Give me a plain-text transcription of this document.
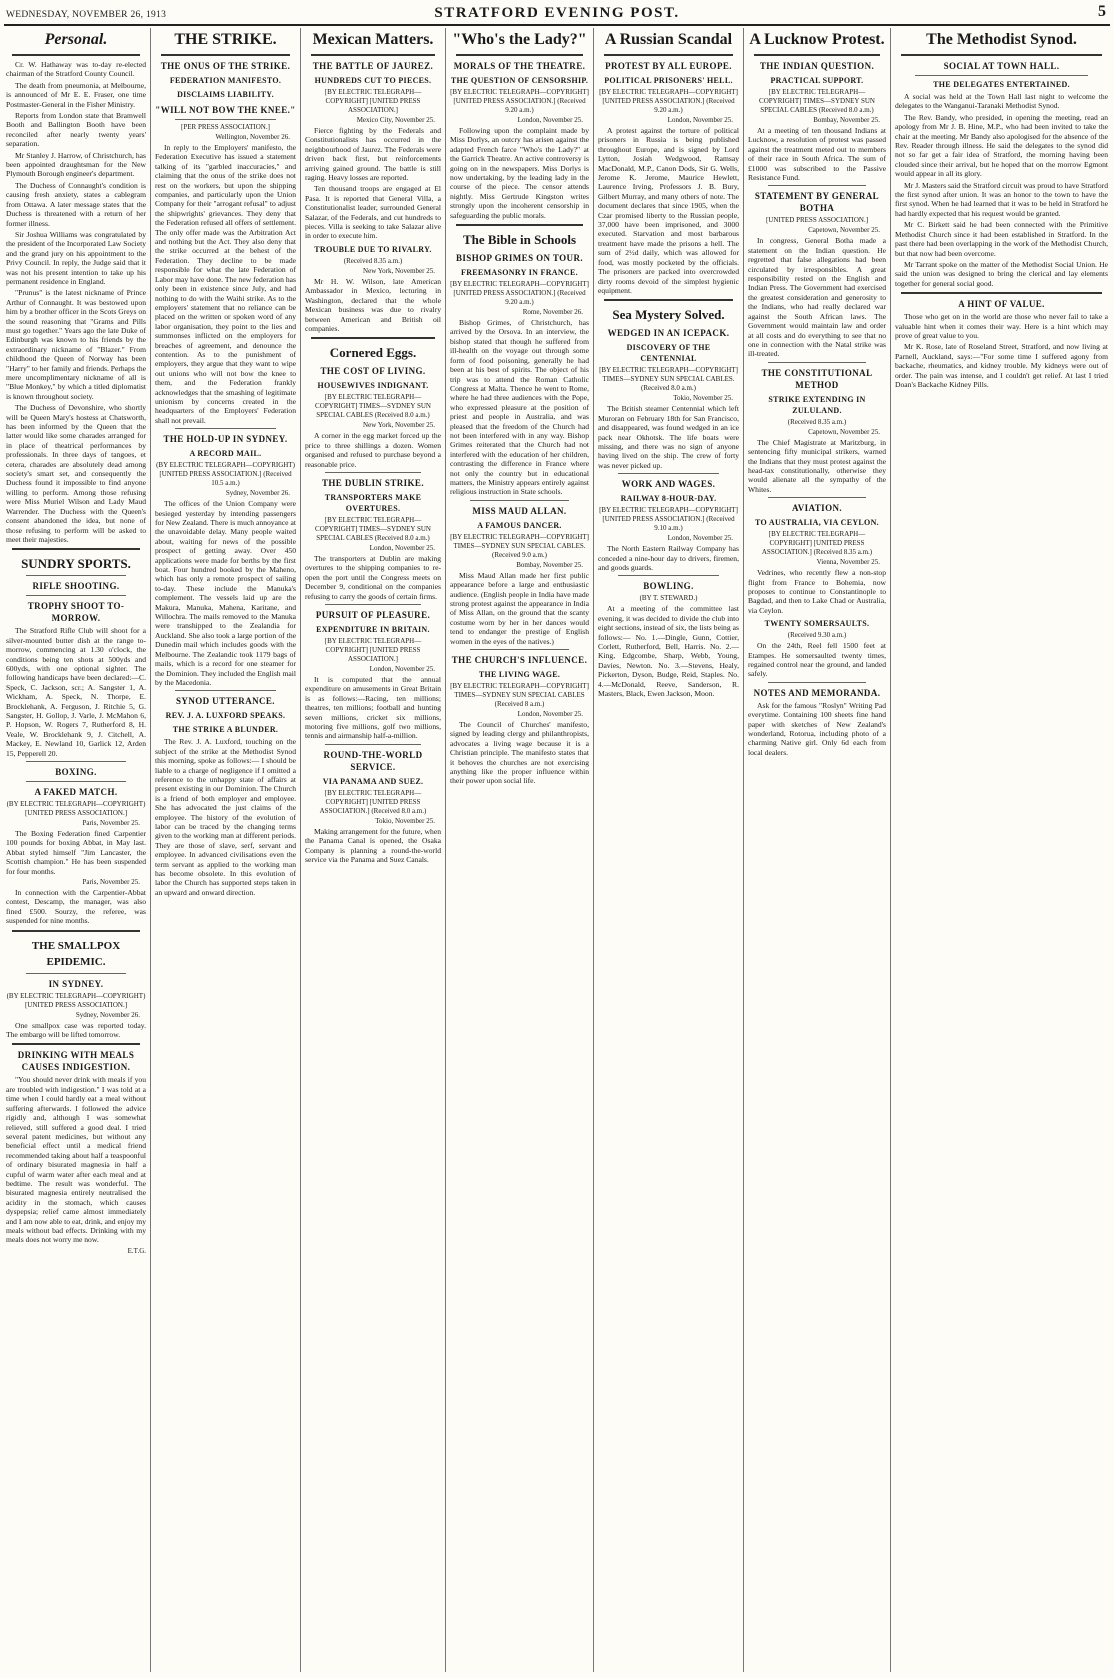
WEDNESDAY, NOVEMBER 26, 1913	STRATFORD EVENING POST.	5
Personal.

Cr. W. Hathaway was to-day re-elected chairman of the Stratford County Council.

The death from pneumonia, at Melbourne, is announced of Mr E. E. Fraser, one time Postmaster-General in the Fisher Ministry.

Reports from London state that Bramwell Booth and Ballington Booth have been reconciled after nearly twenty years' separation.

Mr Stanley J. Harrow, of Christchurch, has been appointed draughtsman for the New Plymouth Borough engineer's department.

The Duchess of Connaught's condition is causing fresh anxiety, states a cablegram from Ottawa. A later message states that the Duchess is threatened with a return of her former illness.

Sir Joshua Williams was congratulated by the president of the Incorporated Law Society and the grand jury on his appointment to the Privy Council. In reply, the Judge said that it was not his present intention to take up his permanent residence in England.

"Prunus" is the latest nickname of Prince Arthur of Connaught. It was bestowed upon him by a brother officer in the Scots Greys on the sound reasoning that "Grams and Pills must go together." Years ago the late Duke of Edinburgh was known to his friends by the extraordinary nickname of "Blazer." From childhood the Queen of Norway has been "Harry" to her family and friends. Perhaps the mere uncomplimentary nickname of all is "Blue Monkey," by which a titled diplomatist is known throughout society.

The Duchess of Devonshire, who shortly will be Queen Mary's hostess at Chatsworth, has been informed by the Queen that the latter would like some charades arranged for in place of theatrical performances by professionals. In three days of tangoes, et cetera, charades are absolutely dead among society's smart set, and consequently the Duchess found it impossible to find anyone willing to perform. Among those refusing were Miss Muriel Wilson and Lady Maud Warrender. The Duchess with the Queen's consent abandoned the idea, but none of those refusing to perform will be asked to meet their majesties.

SUNDRY SPORTS.
RIFLE SHOOTING.
TROPHY SHOOT TO-MORROW.

The Stratford Rifle Club will shoot for a silver-mounted butter dish at the range to-morrow, commencing at 1.30 o'clock, the conditions being ten shots at 500yds and 600yds, with one optional sighter. The following handicaps have been declared:—C. Speck, C. Jackson, scr.; A. Sangster 1, A. Wickham, A. Speck, N. Thorpe, E. Brocklehank, A. Ferguson, J. Ritchie 5, G. Sangster, H. Gollop, J. Varle, J. McMahon 6, P. Hopson, W. Rogers 7, Rutherford 8, H. Veale, W. Brocklehank 9, J. Citchell, A. Mackey, E. Newland 10, Garlick 12, Arden 15, Pepperell 20.

BOXING.
A FAKED MATCH.
(BY ELECTRIC TELEGRAPH—COPYRIGHT) [UNITED PRESS ASSOCIATION.]
Paris, November 25.

The Boxing Federation fined Carpentier 100 pounds for boxing Abbat, in May last. Abbat styled himself "Jim Lancaster, the Scottish champion." He has been suspended for four months.

Paris, November 25.

In connection with the Carpentier-Abbat contest, Descamp, the manager, was also fined £500. Sourzy, the referee, was suspended for nine months.

THE SMALLPOX EPIDEMIC.
IN SYDNEY.
(BY ELECTRIC TELEGRAPH—COPYRIGHT) [UNITED PRESS ASSOCIATION.]
Sydney, November 26.

One smallpox case was reported today. The embargo will be lifted tomorrow.

DRINKING WITH MEALS CAUSES INDIGESTION.

"You should never drink with meals if you are troubled with indigestion." I was told at a time when I could hardly eat a meal without suffering afterwards. I followed the advice rigidly and, although I was somewhat relieved, still suffered a good deal. I tried several patent medicines, but without any beneficial effect until a medical friend recommended taking about half a teaspoonful of ordinary bisurated magnesia in half a cupful of warm water after each meal and at bedtime. The result was wonderful. The bisurated magnesia entirely neutralised the acidity in the stomach, which causes dyspepsia; relief came almost immediately and I am now able to eat, drink, and enjoy my meals without bad effects. Drinking with my meals does not worry me now.

E.T.G.
THE STRIKE.
THE ONUS OF THE STRIKE.
FEDERATION MANIFESTO.
DISCLAIMS LIABILITY.
"WILL NOT BOW THE KNEE."
[PER PRESS ASSOCIATION.]
Wellington, November 26.

In reply to the Employers' manifesto, the Federation Executive has issued a statement talking of its "garbled inaccuracies," and claiming that the onus of the strike does not rest on the workers, but upon the shipping companies, and particularly upon the Union Company for their "arrogant refusal" to adjust the shipwrights' grievances. They deny that the Federation refused all offers of settlement. The only offer made was the Arbitration Act and nothing but the Act. They also deny that the strike occurred at the behest of the Federation. They decline to be made responsible for what the late Federation of Labor may have done. The new federation has only been in existence since July, and had nothing to do with the Waihi strike. As to the employers' statement that no reliance can be placed on the written or spoken word of any labor organisation, they point to the lies and summonses inflicted on the employers for breaches of agreement, and denounce the contention. As to the punishment of employers, they argue that they want to wipe out unions who will not bow the knee to them, and the Federation frankly acknowledges that the smashing of legitimate unionism by concerns created in the headquarters of the Employers' Federation shall not prevail.

THE HOLD-UP IN SYDNEY.
A RECORD MAIL.
(BY ELECTRIC TELEGRAPH—COPYRIGHT) [UNITED PRESS ASSOCIATION.] (Received 10.5 a.m.)
Sydney, November 26.

The offices of the Union Company were besieged yesterday by intending passengers for New Zealand. There is much annoyance at the unavoidable delay. Many people waited about, waiting for news of the possible prospect of getting away. Over 450 applications were made for berths by the first boat. Four hundred booked by the Maheno, which has only a remote prospect of sailing to-day. These include the Manuka's complement. The vessels laid up are the Makura, Manuka, Mahena, Karitane, and Willochra. The mails removed to the Manuka were transhipped to the Zealandia for Auckland. She also took a large portion of the Dunedin mail which includes goods with the Melbourne. The Zealandic took 1179 bags of mails, which is a record for one steamer for the Dominion. They included the English mail by the Macedonia.

SYNOD UTTERANCE.
REV. J. A. LUXFORD SPEAKS.
THE STRIKE A BLUNDER.

The Rev. J. A. Luxford, touching on the subject of the strike at the Methodist Synod this morning, spoke as follows:— I should be liable to a charge of negligence if I omitted a reference to the unhappy state of affairs at present existing in our Dominion. The Church is a friend of both employer and employee. She has advocated the just claims of the employee. The history of the evolution of labor can be traced by the changing terms given to the working man at different periods. They are those of slave, serf, servant and employee. In advanced civilisations even the term servant as applied to the working man has become obsolete. In this evolution of labor the Church has supported steps taken in an upward and onward direction.

Mexican Matters.
THE BATTLE OF JAUREZ.
HUNDREDS CUT TO PIECES.
[BY ELECTRIC TELEGRAPH—COPYRIGHT] [UNITED PRESS ASSOCIATION.]
Mexico City, November 25.

Fierce fighting by the Federals and Constitutionalists has occurred in the neighbourhood of Jaurez. The Federals were driven back first, but reinforcements arriving gained ground. The battle is still raging. Heavy losses are reported.

Ten thousand troops are engaged at El Pasa. It is reported that General Villa, a Constitutionalist leader, surrounded General Salazar, of the Federals, and cut hundreds to pieces. Villa is seeking to take Salazar alive in order to execute him.

TROUBLE DUE TO RIVALRY.
(Received 8.35 a.m.)
New York, November 25.

Mr H. W. Wilson, late American Ambassador in Mexico, lecturing in Washington, declared that the whole Mexican business was due to rivalry between American and British oil companies.

Cornered Eggs.
THE COST OF LIVING.
HOUSEWIVES INDIGNANT.
[BY ELECTRIC TELEGRAPH—COPYRIGHT] TIMES—SYDNEY SUN SPECIAL CABLES (Received 8.0 a.m.)
New York, November 25.

A corner in the egg market forced up the price to three shillings a dozen. Women organised and refused to purchase beyond a reasonable price.

THE DUBLIN STRIKE.
TRANSPORTERS MAKE OVERTURES.
[BY ELECTRIC TELEGRAPH—COPYRIGHT] TIMES—SYDNEY SUN SPECIAL CABLES (Received 8.0 a.m.)
London, November 25.

The transporters at Dublin are making overtures to the shipping companies to re-open the port until the Congress meets on December 9, conditional on the companies refusing to carry the goods of certain firms.

PURSUIT OF PLEASURE.
EXPENDITURE IN BRITAIN.
[BY ELECTRIC TELEGRAPH—COPYRIGHT] [UNITED PRESS ASSOCIATION.]
London, November 25.

It is computed that the annual expenditure on amusements in Great Britain is as follows:—Racing, ten millions; theatres, ten millions; football and hunting seven millions, cricket six millions, motoring five millions, golf two millions, tennis and airmanship half-a-million.

ROUND-THE-WORLD SERVICE.
VIA PANAMA AND SUEZ.
[BY ELECTRIC TELEGRAPH—COPYRIGHT] [UNITED PRESS ASSOCIATION.] (Received 8.0 a.m.)
Tokio, November 25.

Making arrangement for the future, when the Panama Canal is opened, the Osaka Company is planning a round-the-world service via the Panama and Suez Canals.

"Who's the Lady?"
MORALS OF THE THEATRE.
THE QUESTION OF CENSORSHIP.
[BY ELECTRIC TELEGRAPH—COPYRIGHT] [UNITED PRESS ASSOCIATION.] (Received 9.20 a.m.)
London, November 25.

Following upon the complaint made by Miss Dorlys, an outcry has arisen against the adapted French farce "Who's the Lady?" at the Garrick Theatre. An active controversy is going on in the newspapers. Miss Dorlys is now undertaking, by the leading lady in the course of the piece. The censor attends nightly. Miss Gertrude Kingston writes strongly upon the incoherent censorship in safeguarding the public morals.

The Bible in Schools
BISHOP GRIMES ON TOUR.
FREEMASONRY IN FRANCE.
[BY ELECTRIC TELEGRAPH—COPYRIGHT] [UNITED PRESS ASSOCIATION.] (Received 9.20 a.m.)
Rome, November 26.

Bishop Grimes, of Christchurch, has arrived by the Orsova. In an interview, the bishop stated that though he suffered from ill-health on the voyage out through some form of food poisoning, generally he had been at his best of spirits. The object of his trip was to attend the Roman Catholic Congress at Malta. Thence he went to Rome, where he had three audiences with the Pope, who expressed pleasure at the position of priest and people in Australia, and was pleased that the freedom of the Church had not been interfered with in any way. Bishop Grimes reiterated that the Church had not interfered with the education of her children, contrasting the difference in France where not only the country but in educational matters, the Ministry appears entirely against religious instruction in State schools.

MISS MAUD ALLAN.
A FAMOUS DANCER.
[BY ELECTRIC TELEGRAPH—COPYRIGHT] TIMES—SYDNEY SUN SPECIAL CABLES. (Received 9.0 a.m.)
Bombay, November 25.

Miss Maud Allan made her first public appearance before a large and enthusiastic audience. (English people in India have made strong protest against the appearance in India of Miss Allan, on the ground that the scanty costume worn by her in her dances would tend to endanger the prestige of English women in the eyes of the natives.)

THE CHURCH'S INFLUENCE.
THE LIVING WAGE.
[BY ELECTRIC TELEGRAPH—COPYRIGHT] TIMES—SYDNEY SUN SPECIAL CABLES (Received 8 a.m.)
London, November 25.

The Council of Churches' manifesto, signed by leading clergy and philanthropists, advocates a living wage because it is a Christian principle. The manifesto states that it behoves the churches are not exercising anything like the proper influence within their power upon social life.

A Russian Scandal
PROTEST BY ALL EUROPE.
POLITICAL PRISONERS' HELL.
[BY ELECTRIC TELEGRAPH—COPYRIGHT] [UNITED PRESS ASSOCIATION.] (Received 9.20 a.m.)
London, November 25.

A protest against the torture of political prisoners in Russia is being published throughout Europe, and is signed by Lord Lytton, Josiah Wedgwood, Ramsay MacDonald, M.P., Canon Dods, Sir G. Wells, Jerome K. Jerome, Maurice Hewlett, Laurence Irving, Professors J. B. Bury, Gilbert Murray, and many others of note. The document declares that since 1905, when the Czar promised liberty to the Russian people, 37,000 have been imprisoned, and 3000 executed. Starvation and most barbarous treatment have made the prisons a hell. The sum of 2½d daily, which was allowed for food, was mostly pocketed by the officials. The prisoners are packed into overcrowded dirty rooms devoid of the simplest hygienic equipment.

Sea Mystery Solved.
WEDGED IN AN ICEPACK.
DISCOVERY OF THE CENTENNIAL
[BY ELECTRIC TELEGRAPH—COPYRIGHT] TIMES—SYDNEY SUN SPECIAL CABLES. (Received 8.0 a.m.)
Tokio, November 25.

The British steamer Centennial which left Muroran on February 18th for San Francisco, and disappeared, was found wedged in an ice pack near Okhotsk. The life boats were missing, and there was no sign of anyone having lived on the ship. The crew of forty was never picked up.

WORK AND WAGES.
RAILWAY 8-HOUR-DAY.
[BY ELECTRIC TELEGRAPH—COPYRIGHT] [UNITED PRESS ASSOCIATION.] (Received 9.10 a.m.)
London, November 25.

The North Eastern Railway Company has conceded a nine-hour day to drivers, firemen, and goods guards.

BOWLING.
(BY T. STEWARD.)

At a meeting of the committee last evening, it was decided to divide the club into eight sections, instead of six, the lists being as follows:— No. 1.—Dingle, Gunn, Cottier, Corlett, Rutherford, Bell, Harris. No. 2.—King, Edgcombe, Sharp, Webb, Young, Davies, Newton. No. 3.—Stevens, Healy, Pickerton, Dyson, Budge, Reid, Staples. No. 4.—McDonald, Reeve, Sanderson, R. Masters, Black, Ewen Jackson, Moon.

A Lucknow Protest.
THE INDIAN QUESTION.
PRACTICAL SUPPORT.
[BY ELECTRIC TELEGRAPH—COPYRIGHT] TIMES—SYDNEY SUN SPECIAL CABLES (Received 8.0 a.m.)
Bombay, November 25.

At a meeting of ten thousand Indians at Lucknow, a resolution of protest was passed against the treatment meted out to members of their race in South Africa. The sum of £1000 was subscribed to the Passive Resistance Fund.

STATEMENT BY GENERAL BOTHA
[UNITED PRESS ASSOCIATION.]
Capetown, November 25.

In congress, General Botha made a statement on the Indian question. He regretted that false allegations had been circulated by irresponsibles. A great responsibility rested on the English and Indian Press. The Government had exercised the greatest consideration and generosity to the Indians, who had really declared war against the South African laws. The Government would maintain law and order at all costs and do everything to see that no one in connection with the Natal strike was ill-treated.

THE CONSTITUTIONAL METHOD
STRIKE EXTENDING IN ZULULAND.
(Received 8.35 a.m.)
Capetown, November 25.

The Chief Magistrate at Maritzburg, in sentencing fifty municipal strikers, warned the Indians that they must protest against the head-tax constitutionally, otherwise they would alienate all the sympathy of the Whites.

AVIATION.
TO AUSTRALIA, VIA CEYLON.
[BY ELECTRIC TELEGRAPH—COPYRIGHT] [UNITED PRESS ASSOCIATION.] (Received 8.35 a.m.)
Vienna, November 25.

Vedrines, who recently flew a non-stop flight from France to Bohemia, now proposes to continue to Constantinople to Bagdad, and then to Lake Chad or Australia, via Ceylon.

TWENTY SOMERSAULTS.
(Received 9.30 a.m.)

On the 24th, Reel fell 1500 feet at Etampes. He somersaulted twenty times, regained control near the ground, and landed safely.

NOTES AND MEMORANDA.

Ask for the famous "Roslyn" Writing Pad everytime. Containing 100 sheets fine hand paper with sketches of New Zealand's wonderland, Rotorua, including photo of a charming Native girl. Only 6d each from local dealers.

The Methodist Synod.
SOCIAL AT TOWN HALL.
THE DELEGATES ENTERTAINED.

A social was held at the Town Hall last night to welcome the delegates to the Wanganui-Taranaki Methodist Synod.

The Rev. Bandy, who presided, in opening the meeting, read an apology from Mr J. B. Hine, M.P., who had been invited to take the chair at the meeting. Mr Bandy also apologised for the absence of the Rev. Reader through illness. He said the delegates to the synod did not so far get a fair idea of Stratford, the morning having been clouded since their arrival, but he hoped that on the morrow Egmont would appear in all its glory.

Mr J. Masters said the Stratford circuit was proud to have Stratford the first synod after union. It was an honor to the town to have the first synod. When he had learned that it was to be held in Stratford he had hardly expected that his request would be granted.

Mr C. Birkett said he had been connected with the Primitive Methodist Church since it had been established in Stratford. In the past there had been overlapping in the work of the Methodist Church, but that now had been overcome.

Mr Tarrant spoke on the matter of the Methodist Social Union. He said the union was designed to bring the clerical and lay elements together for general social good.

A HINT OF VALUE.

Those who get on in the world are those who never fail to take a valuable hint when it comes their way. Here is a hint which may prove of great value to you.

Mr K. Rose, late of Roseland Street, Stratford, and now living at Parnell, Auckland, says:—"For some time I suffered agony from backache, rheumatics, and kidney trouble. My kidneys were out of order. The pain was intense, and I couldn't get relief. At last I tried Doan's Backache Kidney Pills.
